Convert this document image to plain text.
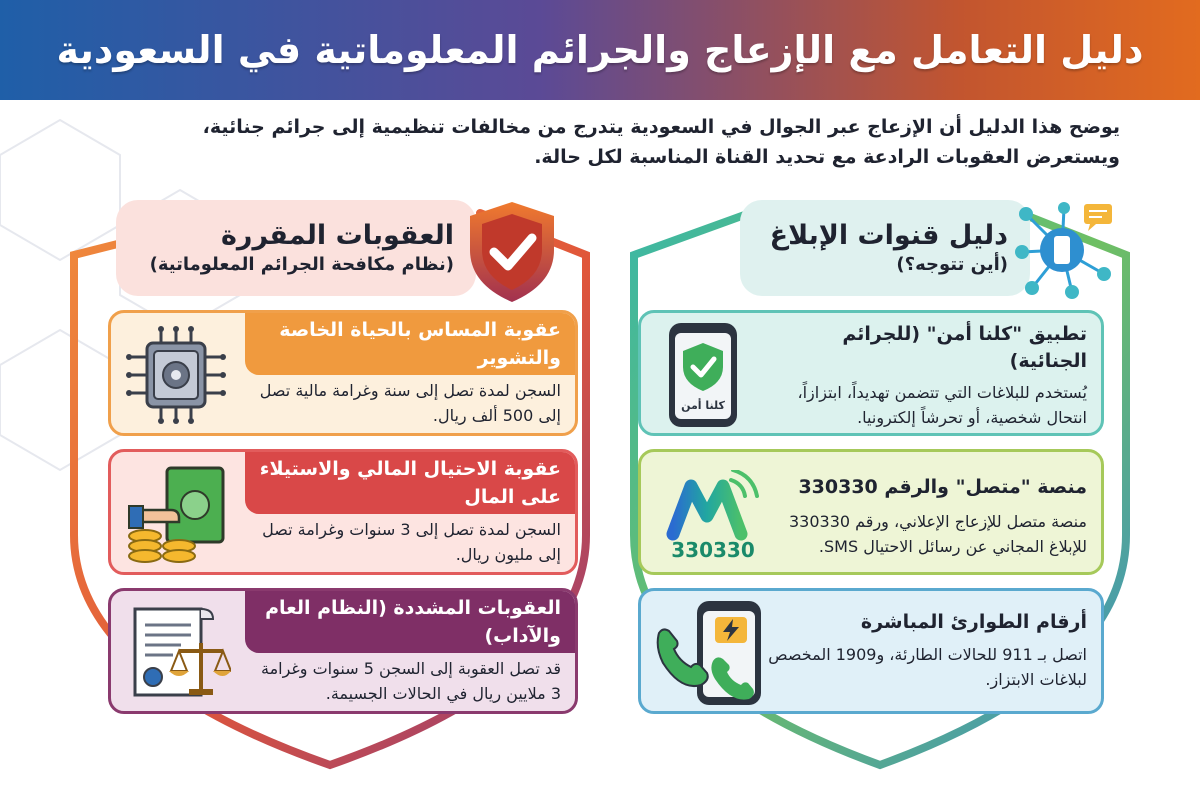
دليل التعامل مع الإزعاج والجرائم المعلوماتية في السعودية
يوضح هذا الدليل أن الإزعاج عبر الجوال في السعودية يتدرج من مخالفات تنظيمية إلى جرائم جنائية، ويستعرض العقوبات الرادعة مع تحديد القناة المناسبة لكل حالة.
العقوبات المقررة
(نظام مكافحة الجرائم المعلوماتية)
دليل قنوات الإبلاغ
(أين تتوجه؟)
عقوبة المساس بالحياة الخاصة والتشوير
السجن لمدة تصل إلى سنة وغرامة مالية تصل إلى 500 ألف ريال.
عقوبة الاحتيال المالي والاستيلاء على المال
السجن لمدة تصل إلى 3 سنوات وغرامة تصل إلى مليون ريال.
العقوبات المشددة (النظام العام والآداب)
قد تصل العقوبة إلى السجن 5 سنوات وغرامة 3 ملايين ريال في الحالات الجسيمة.
تطبيق "كلنا أمن" (للجرائم الجنائية)
يُستخدم للبلاغات التي تتضمن تهديداً، ابتزازاً، انتحال شخصية، أو تحرشاً إلكترونيا.
كلنا أمن
منصة "متصل" والرقم 330330
منصة متصل للإزعاج الإعلاني، ورقم 330330 للإبلاغ المجاني عن رسائل الاحتيال SMS.
330330
أرقام الطوارئ المباشرة
اتصل بـ 911 للحالات الطارئة، و1909 المخصص لبلاغات الابتزاز.
